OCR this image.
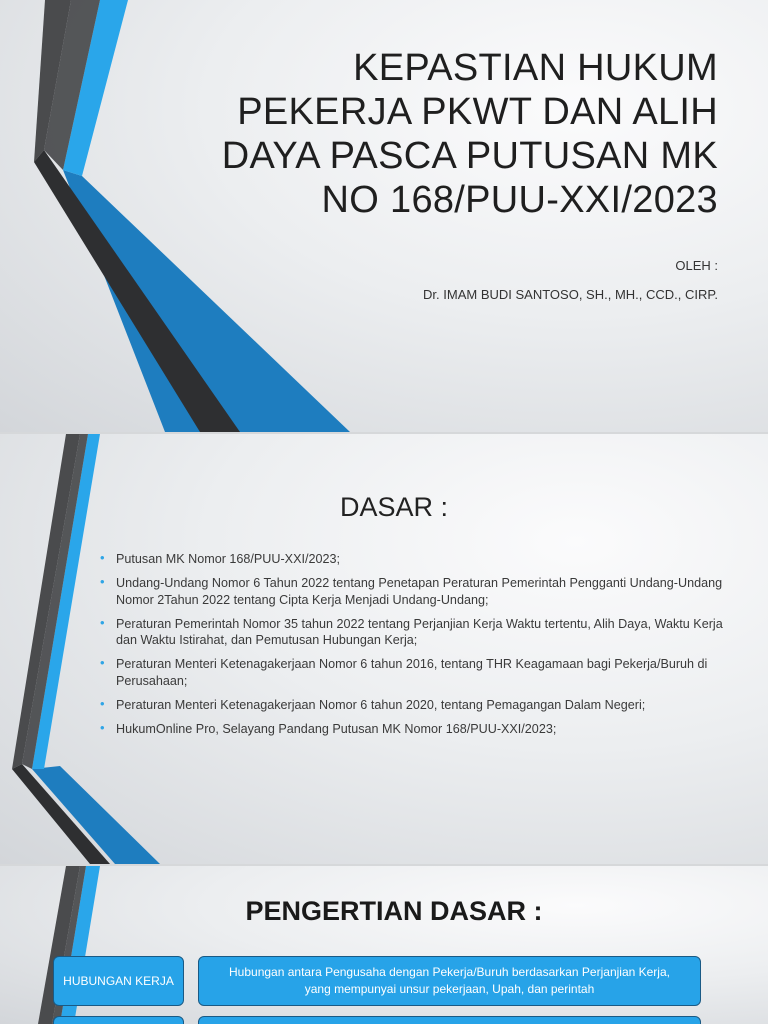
KEPASTIAN HUKUM
PEKERJA PKWT DAN ALIH
DAYA PASCA PUTUSAN MK
NO 168/PUU-XXI/2023
OLEH :
Dr. IMAM BUDI SANTOSO, SH., MH., CCD., CIRP.
DASAR :
• Putusan MK Nomor 168/PUU-XXI/2023;
• Undang-Undang Nomor 6 Tahun 2022 tentang Penetapan Peraturan Pemerintah Pengganti Undang-Undang Nomor 2Tahun 2022 tentang Cipta Kerja Menjadi Undang-Undang;
• Peraturan Pemerintah Nomor 35 tahun 2022 tentang Perjanjian Kerja Waktu tertentu, Alih Daya, Waktu Kerja dan Waktu Istirahat, dan Pemutusan Hubungan Kerja;
• Peraturan Menteri Ketenagakerjaan Nomor 6 tahun 2016, tentang THR Keagamaan bagi Pekerja/Buruh di Perusahaan;
• Peraturan Menteri Ketenagakerjaan Nomor 6 tahun 2020, tentang Pemagangan Dalam Negeri;
• HukumOnline Pro, Selayang Pandang Putusan MK Nomor 168/PUU-XXI/2023;
PENGERTIAN DASAR :
HUBUNGAN KERJA
Hubungan antara Pengusaha dengan Pekerja/Buruh berdasarkan Perjanjian Kerja, yang mempunyai unsur pekerjaan, Upah, dan perintah
